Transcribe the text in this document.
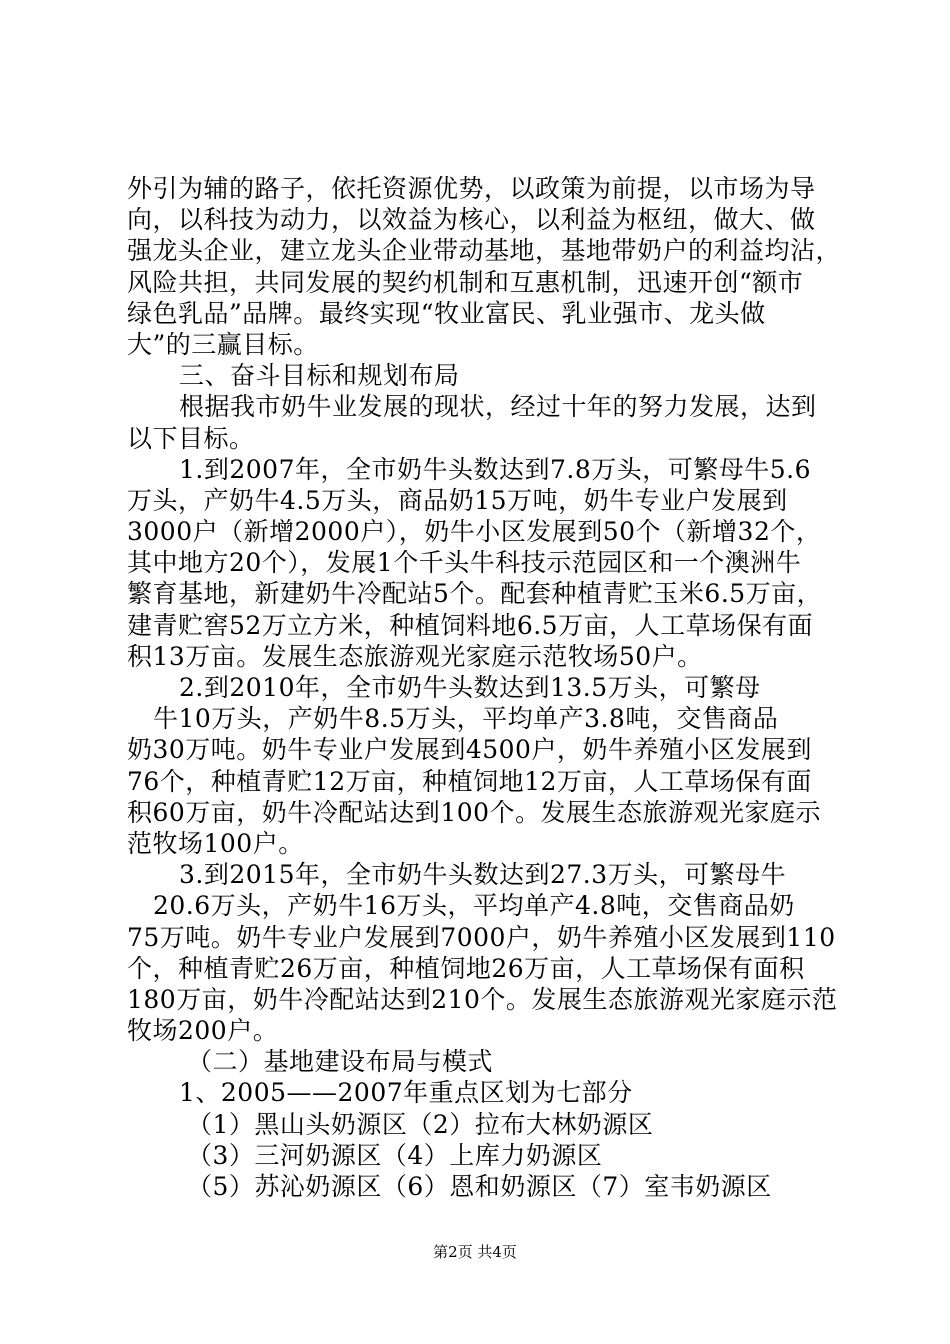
外引为辅的路子，依托资源优势，以政策为前提，以市场为导
向，以科技为动力，以效益为核心，以利益为枢纽，做大、做
强龙头企业，建立龙头企业带动基地，基地带奶户的利益均沾，
风险共担，共同发展的契约机制和互惠机制，迅速开创“额市
绿色乳品”品牌。最终实现“牧业富民、乳业强市、龙头做
大”的三赢目标。
三、奋斗目标和规划布局
根据我市奶牛业发展的现状，经过十年的努力发展，达到
以下目标。
1.到2007年，全市奶牛头数达到7.8万头，可繁母牛5.6
万头，产奶牛4.5万头，商品奶15万吨，奶牛专业户发展到
3000户（新增2000户），奶牛小区发展到50个（新增32个，
其中地方20个），发展1个千头牛科技示范园区和一个澳洲牛
繁育基地，新建奶牛冷配站5个。配套种植青贮玉米6.5万亩，
建青贮窖52万立方米，种植饲料地6.5万亩，人工草场保有面
积13万亩。发展生态旅游观光家庭示范牧场50户。
2.到2010年，全市奶牛头数达到13.5万头，可繁母
牛10万头，产奶牛8.5万头，平均单产3.8吨，交售商品
奶30万吨。奶牛专业户发展到4500户，奶牛养殖小区发展到
76个，种植青贮12万亩，种植饲地12万亩，人工草场保有面
积60万亩，奶牛冷配站达到100个。发展生态旅游观光家庭示
范牧场100户。
3.到2015年，全市奶牛头数达到27.3万头，可繁母牛
20.6万头，产奶牛16万头，平均单产4.8吨，交售商品奶
75万吨。奶牛专业户发展到7000户，奶牛养殖小区发展到110
个，种植青贮26万亩，种植饲地26万亩，人工草场保有面积
180万亩，奶牛冷配站达到210个。发展生态旅游观光家庭示范
牧场200户。
（二）基地建设布局与模式
1、2005——2007年重点区划为七部分
（1）黑山头奶源区（2）拉布大林奶源区
（3）三河奶源区（4）上库力奶源区
（5）苏沁奶源区（6）恩和奶源区（7）室韦奶源区
第2页 共4页
